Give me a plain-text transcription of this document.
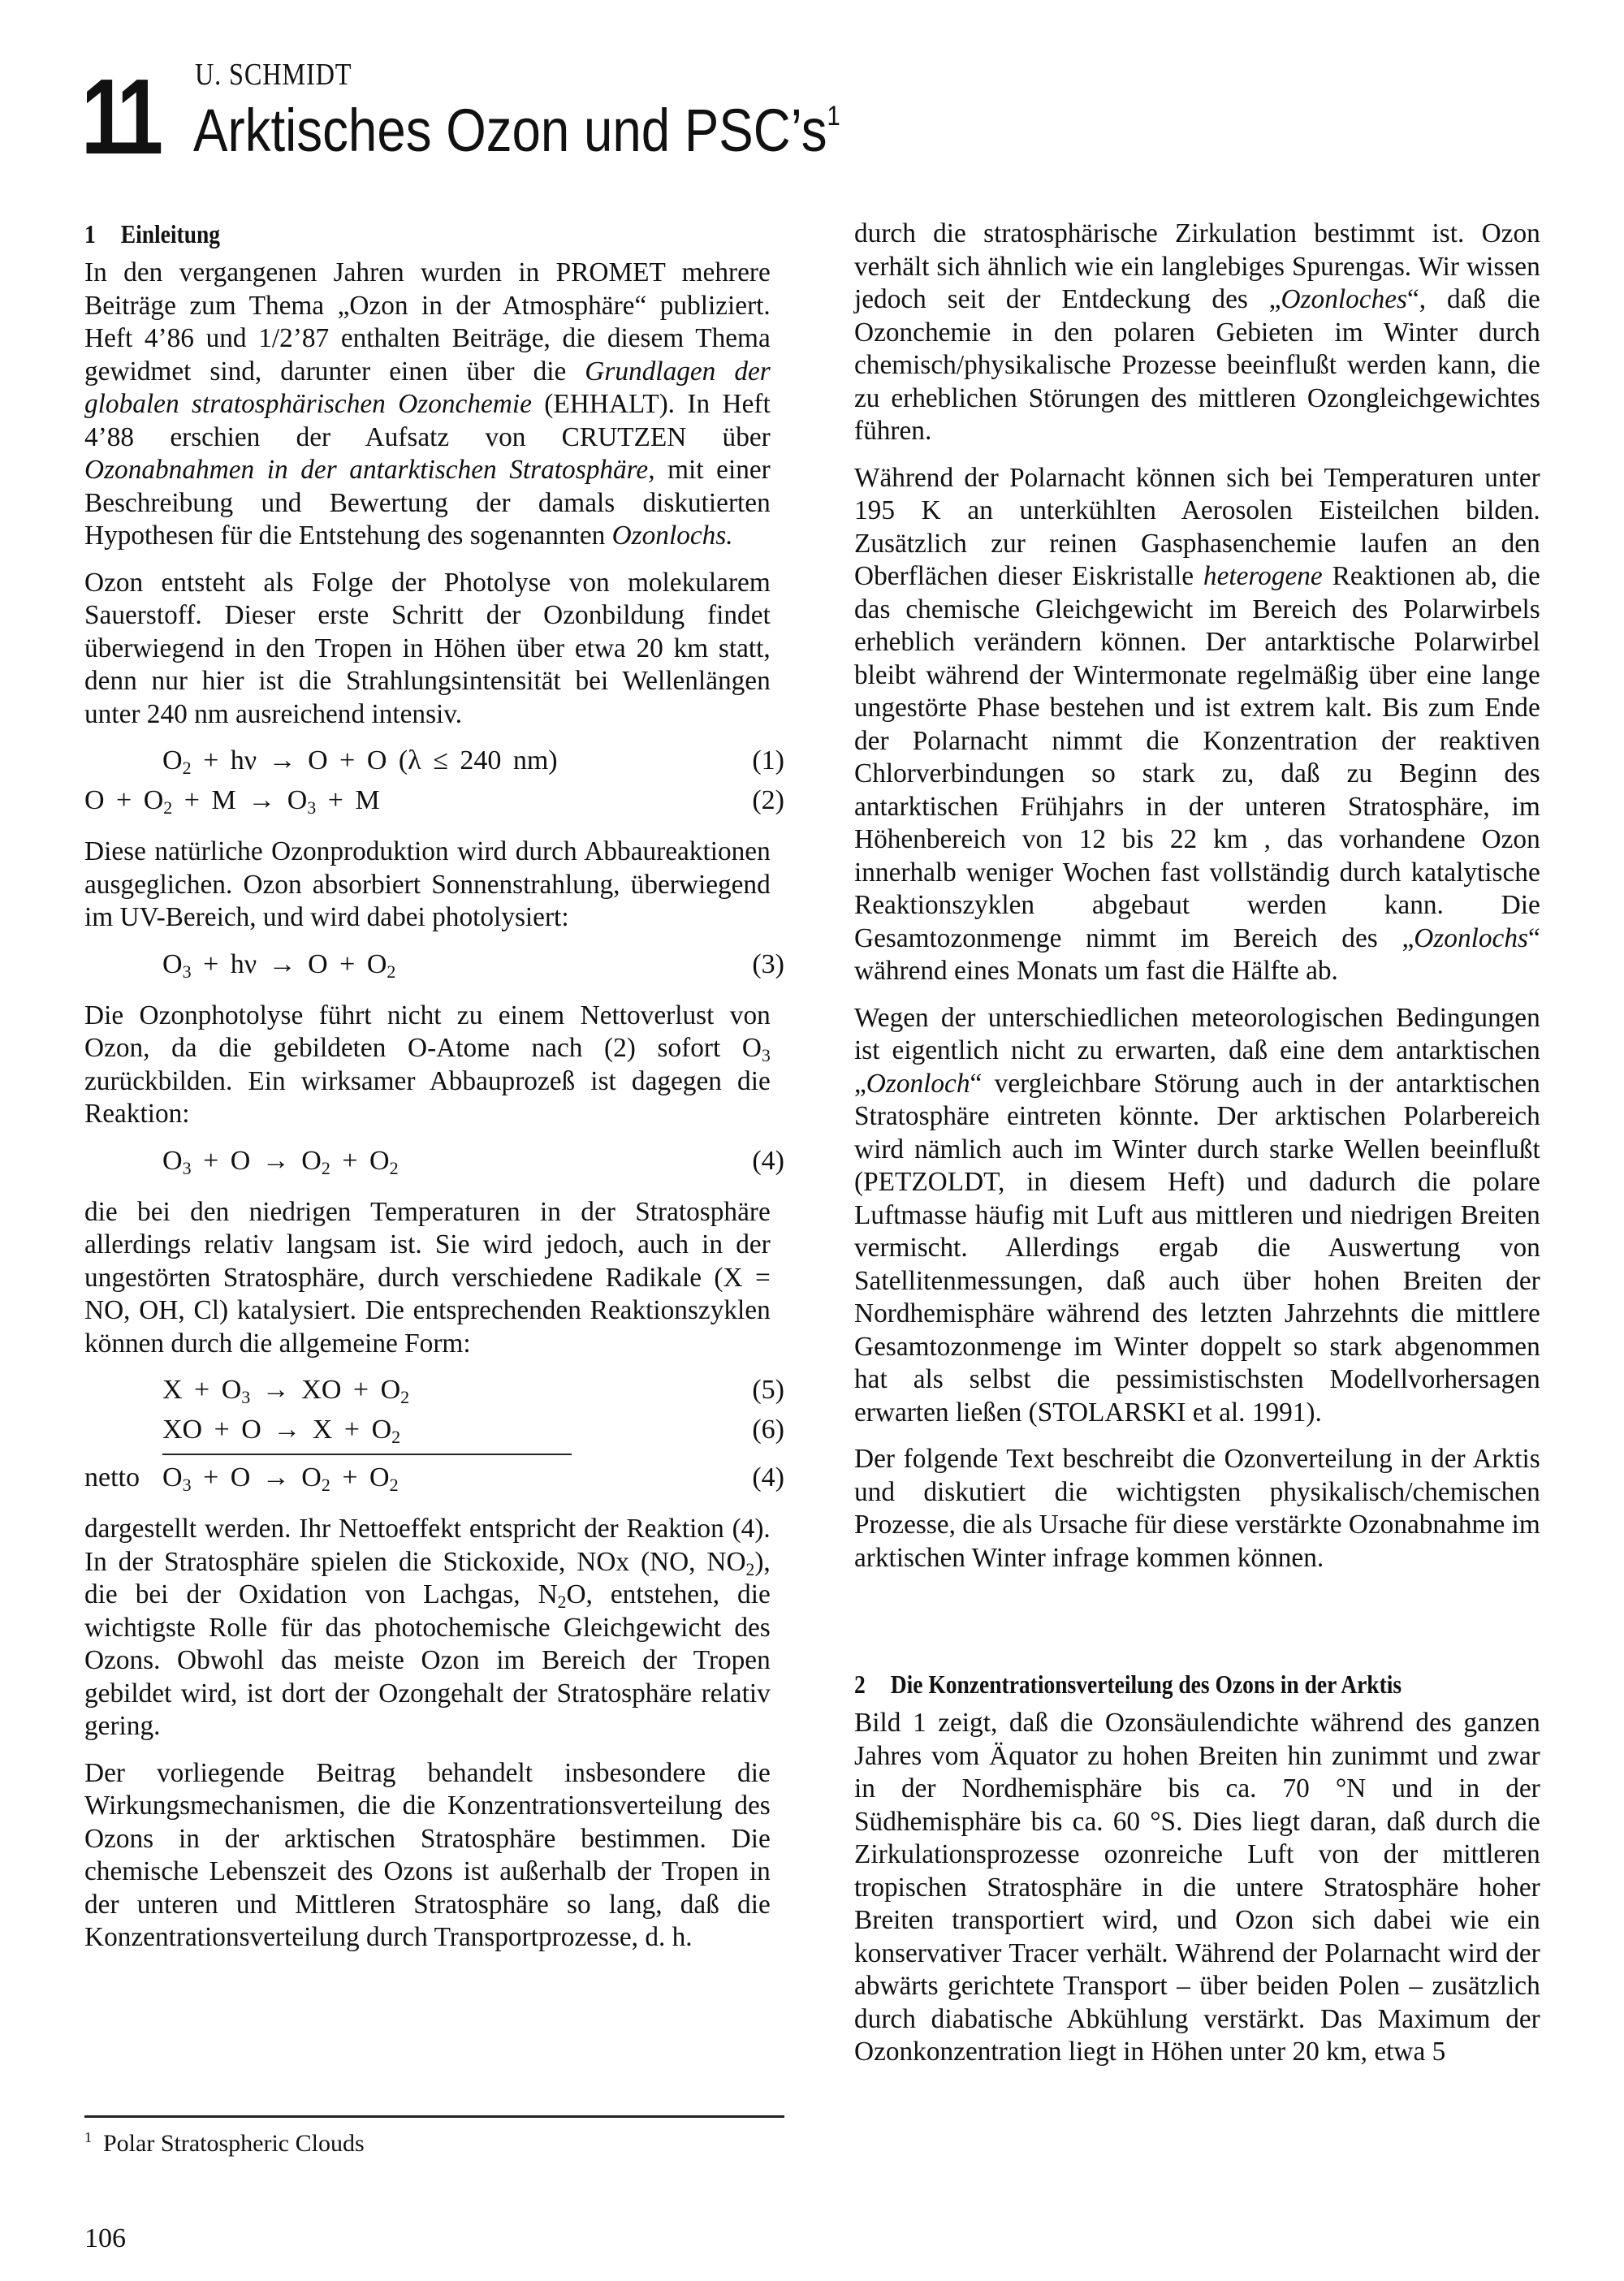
11 U. SCHMIDT
Arktisches Ozon und $PSC’s^1$
1 Einleitung

In den vergangenen Jahren wurden in PROMET mehrere Beiträge zum Thema „Ozon in der Atmosphäre“ publiziert. Heft 4’86 und 1/2’87 enthalten Beiträge, die diesem Thema gewidmet sind, darunter einen über die Grundlagen der globalen stratosphärischen Ozonchemie (EHHALT). In Heft 4’88 erschien der Aufsatz von CRUTZEN über Ozonabnahmen in der antarktischen Stratosphäre, mit einer Beschreibung und Bewertung der damals diskutierten Hypothesen für die Entstehung des sogenannten Ozonlochs.

Ozon entsteht als Folge der Photolyse von molekularem Sauerstoff. Dieser erste Schritt der Ozonbildung findet überwiegend in den Tropen in Höhen über etwa 20 km statt, denn nur hier ist die Strahlungsintensität bei Wellenlängen unter 240 nm ausreichend intensiv.

$O_2 + h\nu \to O + O$ (λ ≤ 240 nm)	(1)
$O + O_2 + M \to O_3 + M$	(2)

Diese natürliche Ozonproduktion wird durch Abbaureaktionen ausgeglichen. Ozon absorbiert Sonnenstrahlung, überwiegend im UV-Bereich, und wird dabei photolysiert:

$O_3 + h\nu \to O + O_2$	(3)

Die Ozonphotolyse führt nicht zu einem Nettoverlust von Ozon, da die gebildeten O-Atome nach (2) sofort $O_3$ zurückbilden. Ein wirksamer Abbauprozeß ist dagegen die Reaktion:

$O_3 + O \to O_2 + O_2$	(4)

die bei den niedrigen Temperaturen in der Stratosphäre allerdings relativ langsam ist. Sie wird jedoch, auch in der ungestörten Stratosphäre, durch verschiedene Radikale (X = NO, OH, Cl) katalysiert. Die entsprechenden Reaktionszyklen können durch die allgemeine Form:

$X + O_3$ → XO + $O_2$	(5)
XO + $O \to X + O_2$	(6)
netto $O_3 + O \to O_2 + O_2$	(4)

dargestellt werden. Ihr Nettoeffekt entspricht der Reaktion (4). In der Stratosphäre spielen die Stickoxide, NOx (NO, $NO_2$), die bei der Oxidation von Lachgas, $N_2O$, entstehen, die wichtigste Rolle für das photochemische Gleichgewicht des Ozons. Obwohl das meiste Ozon im Bereich der Tropen gebildet wird, ist dort der Ozongehalt der Stratosphäre relativ gering.

Der vorliegende Beitrag behandelt insbesondere die Wirkungsmechanismen, die die Konzentrationsverteilung des Ozons in der arktischen Stratosphäre bestimmen. Die chemische Lebenszeit des Ozons ist außerhalb der Tropen in der unteren und Mittleren Stratosphäre so lang, daß die Konzentrationsverteilung durch Transportprozesse, d. h.

durch die stratosphärische Zirkulation bestimmt ist. Ozon verhält sich ähnlich wie ein langlebiges Spurengas. Wir wissen jedoch seit der Entdeckung des „Ozonloches“, daß die Ozonchemie in den polaren Gebieten im Winter durch chemisch/physikalische Prozesse beeinflußt werden kann, die zu erheblichen Störungen des mittleren Ozongleichgewichtes führen.

Während der Polarnacht können sich bei Temperaturen unter 195 K an unterkühlten Aerosolen Eisteilchen bilden. Zusätzlich zur reinen Gasphasenchemie laufen an den Oberflächen dieser Eiskristalle heterogene Reaktionen ab, die das chemische Gleichgewicht im Bereich des Polarwirbels erheblich verändern können. Der antarktische Polarwirbel bleibt während der Wintermonate regelmäßig über eine lange ungestörte Phase bestehen und ist extrem kalt. Bis zum Ende der Polarnacht nimmt die Konzentration der reaktiven Chlorverbindungen so stark zu, daß zu Beginn des antarktischen Frühjahrs in der unteren Stratosphäre, im Höhenbereich von 12 bis 22 km , das vorhandene Ozon innerhalb weniger Wochen fast vollständig durch katalytische Reaktionszyklen abgebaut werden kann. Die Gesamtozonmenge nimmt im Bereich des „Ozonlochs“ während eines Monats um fast die Hälfte ab.

Wegen der unterschiedlichen meteorologischen Bedingungen ist eigentlich nicht zu erwarten, daß eine dem antarktischen „Ozonloch“ vergleichbare Störung auch in der antarktischen Stratosphäre eintreten könnte. Der arktischen Polarbereich wird nämlich auch im Winter durch starke Wellen beeinflußt (PETZOLDT, in diesem Heft) und dadurch die polare Luftmasse häufig mit Luft aus mittleren und niedrigen Breiten vermischt. Allerdings ergab die Auswertung von Satellitenmessungen, daß auch über hohen Breiten der Nordhemisphäre während des letzten Jahrzehnts die mittlere Gesamtozonmenge im Winter doppelt so stark abgenommen hat als selbst die pessimistischsten Modellvorhersagen erwarten ließen (STOLARSKI et al. 1991).

Der folgende Text beschreibt die Ozonverteilung in der Arktis und diskutiert die wichtigsten physikalisch/chemischen Prozesse, die als Ursache für diese verstärkte Ozonabnahme im arktischen Winter infrage kommen können.

2 Die Konzentrationsverteilung des Ozons in der Arktis

Bild 1 zeigt, daß die Ozonsäulendichte während des ganzen Jahres vom Äquator zu hohen Breiten hin zunimmt und zwar in der Nordhemisphäre bis ca. 70 °N und in der Südhemisphäre bis ca. 60 °S. Dies liegt daran, daß durch die Zirkulationsprozesse ozonreiche Luft von der mittleren tropischen Stratosphäre in die untere Stratosphäre hoher Breiten transportiert wird, und Ozon sich dabei wie ein konservativer Tracer verhält. Während der Polarnacht wird der abwärts gerichtete Transport – über beiden Polen – zusätzlich durch diabatische Abkühlung verstärkt. Das Maximum der Ozonkonzentration liegt in Höhen unter 20 km, etwa 5

$^1$ Polar Stratospheric Clouds
106
